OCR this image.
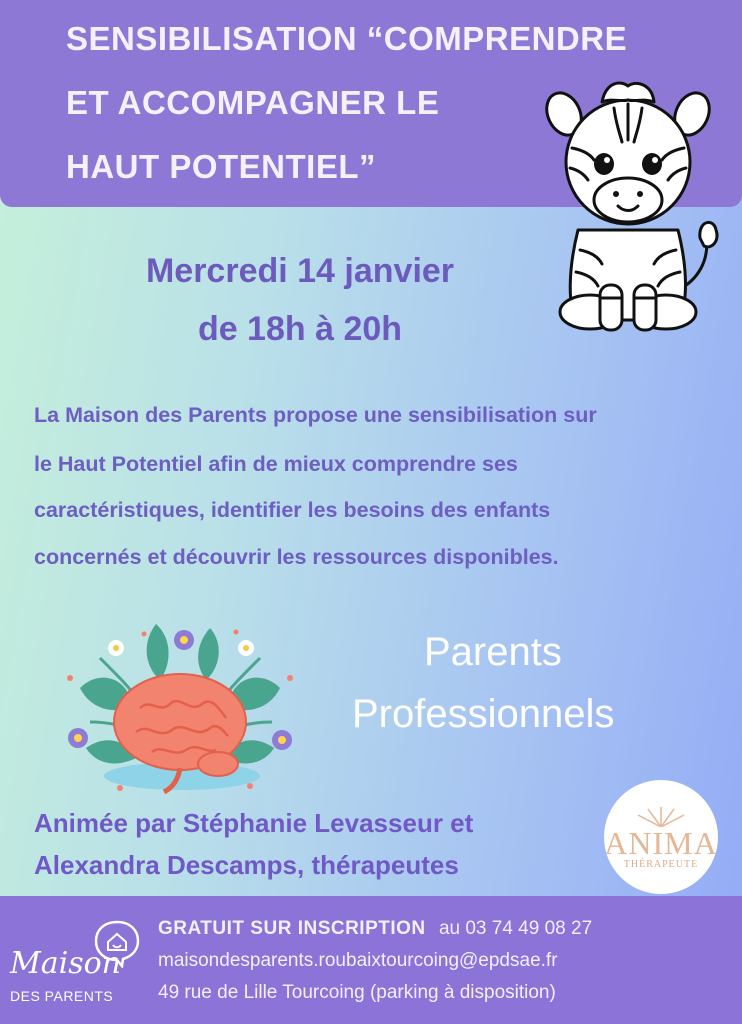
SENSIBILISATION “COMPRENDRE
ET ACCOMPAGNER LE
HAUT POTENTIEL”
Mercredi 14 janvier
de 18h à 20h
La Maison des Parents propose une sensibilisation sur
le Haut Potentiel afin de mieux comprendre ses
caractéristiques, identifier les besoins des enfants
concernés et découvrir les ressources disponibles.
Parents
Professionnels
Animée par Stéphanie Levasseur et
Alexandra Descamps, thérapeutes
ANIMA
THÉRAPEUTE
Maison
DES PARENTS
GRATUIT SUR INSCRIPTION au 03 74 49 08 27
maisondesparents.roubaixtourcoing@epdsae.fr
49 rue de Lille Tourcoing (parking à disposition)
